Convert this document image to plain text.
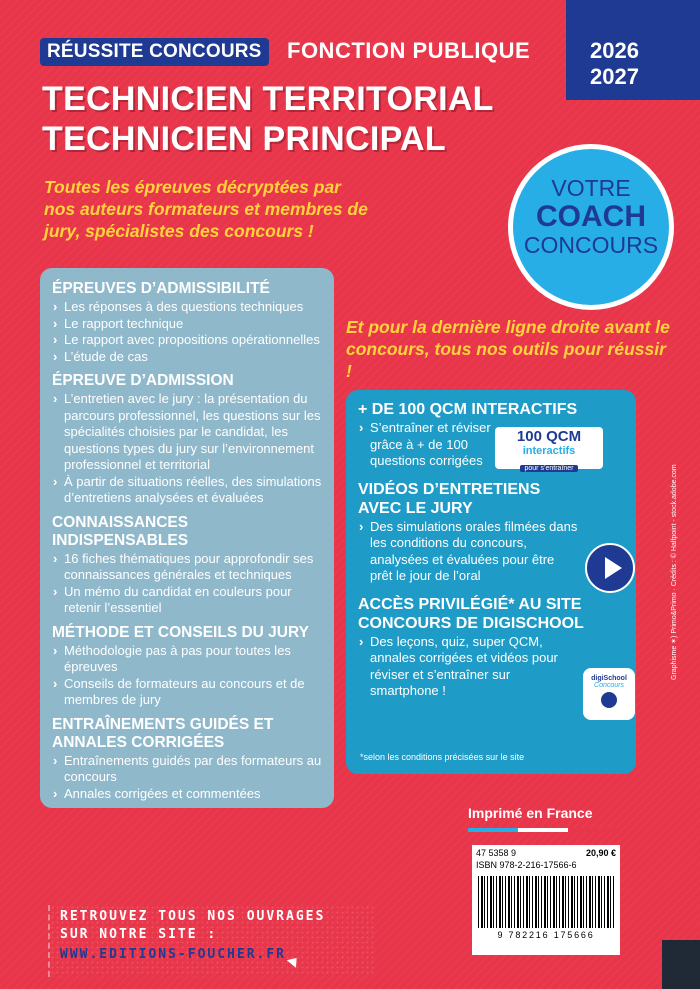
RÉUSSITE CONCOURS	FONCTION PUBLIQUE	2026
2027
TECHNICIEN TERRITORIAL
TECHNICIEN PRINCIPAL
Toutes les épreuves décryptées par nos auteurs formateurs et membres de jury, spécialistes des concours !
VOTRE
COACH
CONCOURS
ÉPREUVES D’ADMISSIBILITÉ
› Les réponses à des questions techniques
› Le rapport technique
› Le rapport avec propositions opérationnelles
› L’étude de cas
ÉPREUVE D’ADMISSION
› L’entretien avec le jury : la présentation du parcours professionnel, les questions sur les spécialités choisies par le candidat, les questions types du jury sur l’environnement professionnel et territorial
› À partir de situations réelles, des simulations d’entretiens analysées et évaluées
CONNAISSANCES INDISPENSABLES
› 16 fiches thématiques pour approfondir ses connaissances générales et techniques
› Un mémo du candidat en couleurs pour retenir l’essentiel
MÉTHODE ET CONSEILS DU JURY
› Méthodologie pas à pas pour toutes les épreuves
› Conseils de formateurs au concours et de membres de jury
ENTRAÎNEMENTS GUIDÉS ET ANNALES CORRIGÉES
› Entraînements guidés par des formateurs au concours
› Annales corrigées et commentées
Et pour la dernière ligne droite avant le concours, tous nos outils pour réussir !
+ DE 100 QCM INTERACTIFS
› S’entraîner et réviser grâce à + de 100 questions corrigées
VIDÉOS D’ENTRETIENS AVEC LE JURY
› Des simulations orales filmées dans les conditions du concours, analysées et évaluées pour être prêt le jour de l’oral
ACCÈS PRIVILÉGIÉ* AU SITE CONCOURS DE DIGISCHOOL
› Des leçons, quiz, super QCM, annales corrigées et vidéos pour réviser et s’entraîner sur smartphone !
100 QCM
interactifs
pour s’entraîner
digiSchool
Concours
*selon les conditions précisées sur le site
Imprimé en France
47 5358 9	20,90 €
ISBN 978-2-216-17566-6
9 782216 175666
RETROUVEZ TOUS NOS OUVRAGES
SUR NOTRE SITE :
WWW.EDITIONS-FOUCHER.FR
Graphisme ✶) Primo&Primo · Crédits : © Halfpoint - stock.adobe.com
